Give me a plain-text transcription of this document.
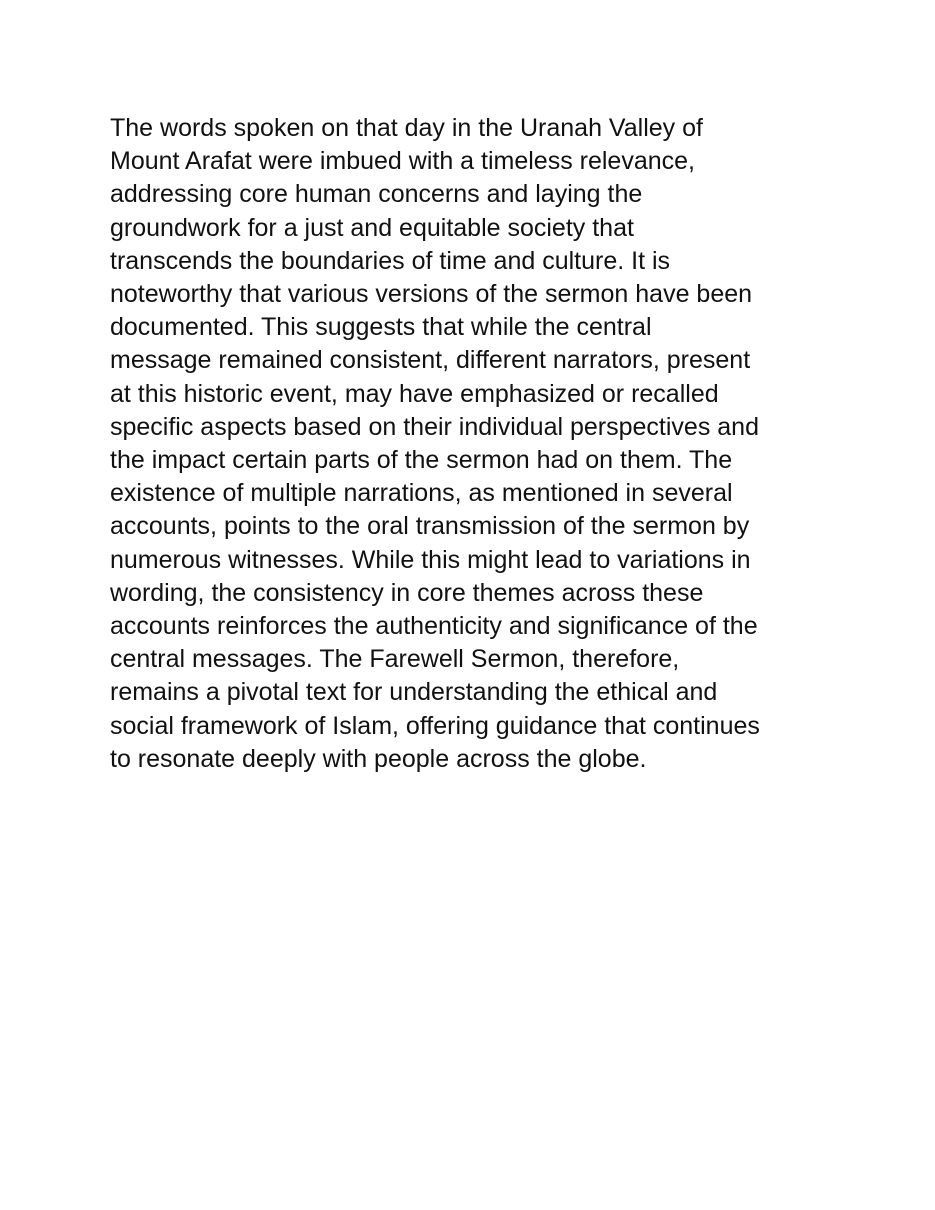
The words spoken on that day in the Uranah Valley of
Mount Arafat were imbued with a timeless relevance,
addressing core human concerns and laying the
groundwork for a just and equitable society that
transcends the boundaries of time and culture. It is
noteworthy that various versions of the sermon have been
documented. This suggests that while the central
message remained consistent, different narrators, present
at this historic event, may have emphasized or recalled
specific aspects based on their individual perspectives and
the impact certain parts of the sermon had on them. The
existence of multiple narrations, as mentioned in several
accounts, points to the oral transmission of the sermon by
numerous witnesses. While this might lead to variations in
wording, the consistency in core themes across these
accounts reinforces the authenticity and significance of the
central messages. The Farewell Sermon, therefore,
remains a pivotal text for understanding the ethical and
social framework of Islam, offering guidance that continues
to resonate deeply with people across the globe.
